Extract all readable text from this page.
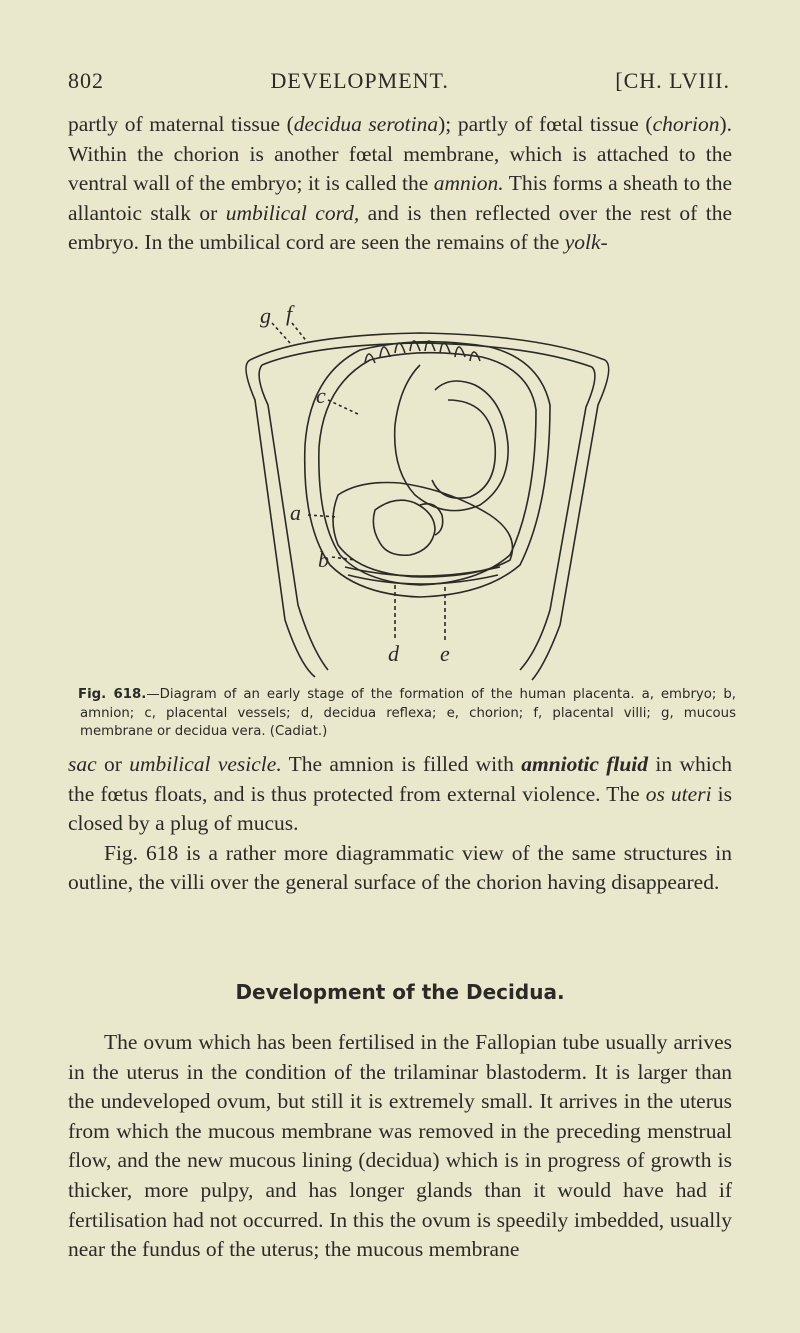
802	DEVELOPMENT.	[CH. LVIII.

partly of maternal tissue (decidua serotina); partly of fœtal tissue (chorion). Within the chorion is another fœtal membrane, which is attached to the ventral wall of the embryo; it is called the amnion. This forms a sheath to the allantoic stalk or umbilical cord, and is then reflected over the rest of the embryo. In the umbilical cord are seen the remains of the yolk-

g f
c
a
b
d e
Fig. 618.—Diagram of an early stage of the formation of the human placenta. a, embryo; b, amnion; c, placental vessels; d, decidua reflexa; e, chorion; f, placental villi; g, mucous membrane or decidua vera. (Cadiat.)

sac or umbilical vesicle. The amnion is filled with amniotic fluid in which the fœtus floats, and is thus protected from external violence. The os uteri is closed by a plug of mucus.

Fig. 618 is a rather more diagrammatic view of the same structures in outline, the villi over the general surface of the chorion having disappeared.

Development of the Decidua.

The ovum which has been fertilised in the Fallopian tube usually arrives in the uterus in the condition of the trilaminar blastoderm. It is larger than the undeveloped ovum, but still it is extremely small. It arrives in the uterus from which the mucous membrane was removed in the preceding menstrual flow, and the new mucous lining (decidua) which is in progress of growth is thicker, more pulpy, and has longer glands than it would have had if fertilisation had not occurred. In this the ovum is speedily imbedded, usually near the fundus of the uterus; the mucous membrane
